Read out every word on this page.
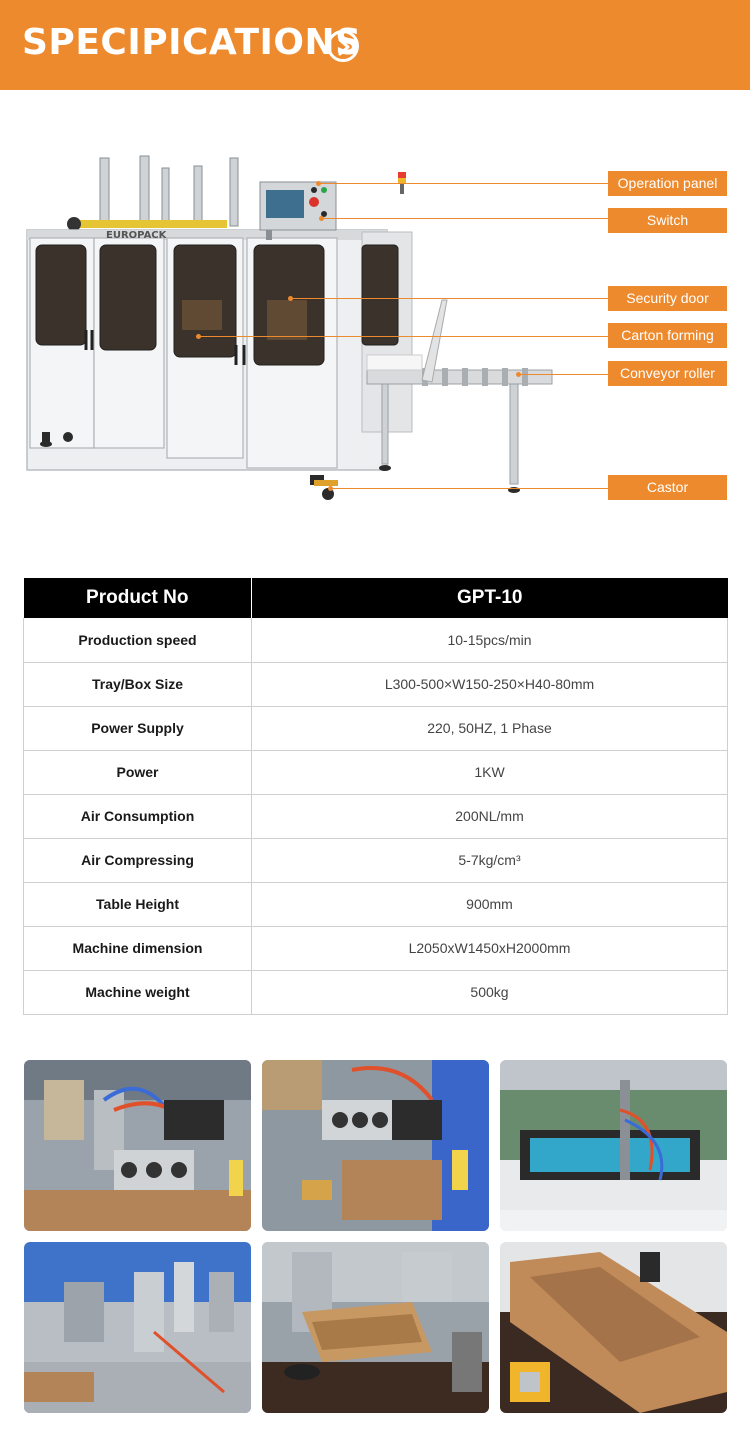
SPECIPICATIONS
EUROPACK
Operation panel
Switch
Security door
Carton forming
Conveyor roller
Castor
Product No	GPT-10
Production speed	10-15pcs/min
Tray/Box Size	L300-500×W150-250×H40-80mm
Power Supply	220, 50HZ, 1 Phase
Power	1KW
Air Consumption	200NL/mm
Air Compressing	5-7kg/cm³
Table Height	900mm
Machine dimension	L2050xW1450xH2000mm
Machine weight	500kg
